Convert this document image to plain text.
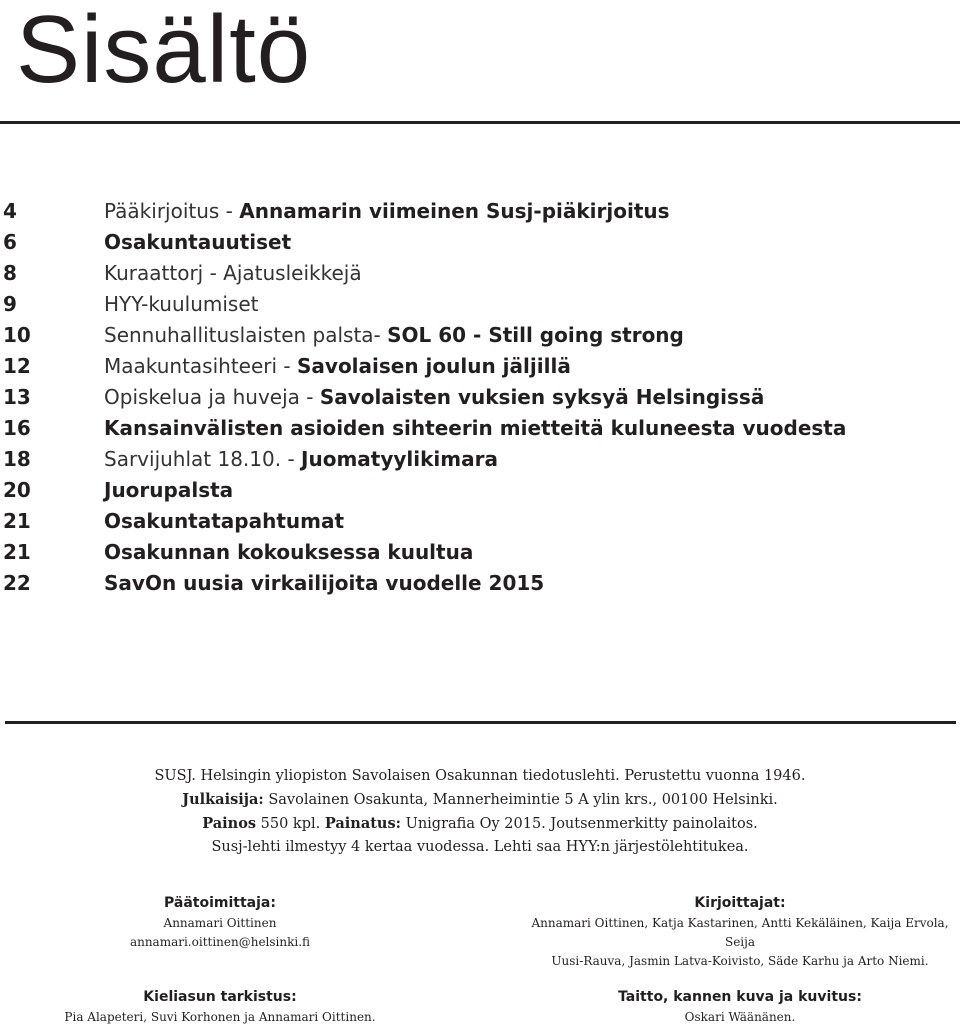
Sisältö
4	Pääkirjoitus - Annamarin viimeinen Susj-piäkirjoitus
6	Osakuntauutiset
8	Kuraattorj - Ajatusleikkejä
9	HYY-kuulumiset
10	Sennuhallituslaisten palsta- SOL 60 - Still going strong
12	Maakuntasihteeri - Savolaisen joulun jäljillä
13	Opiskelua ja huveja - Savolaisten vuksien syksyä Helsingissä
16	Kansainvälisten asioiden sihteerin mietteitä kuluneesta vuodesta
18	Sarvijuhlat 18.10. - Juomatyylikimara
20	Juorupalsta
21	Osakuntatapahtumat
21	Osakunnan kokouksessa kuultua
22	SavOn uusia virkailijoita vuodelle 2015
SUSJ. Helsingin yliopiston Savolaisen Osakunnan tiedotuslehti. Perustettu vuonna 1946.
Julkaisija: Savolainen Osakunta, Mannerheimintie 5 A ylin krs., 00100 Helsinki.
Painos 550 kpl. Painatus: Unigrafia Oy 2015. Joutsenmerkitty painolaitos.
Susj-lehti ilmestyy 4 kertaa vuodessa. Lehti saa HYY:n järjestölehtitukea.
Päätoimittaja:
Annamari Oittinen
annamari.oittinen@helsinki.fi
Kirjoittajat:
Annamari Oittinen, Katja Kastarinen, Antti Kekäläinen, Kaija Ervola, Seija
Uusi-Rauva, Jasmin Latva-Koivisto, Säde Karhu ja Arto Niemi.
Kieliasun tarkistus:
Pia Alapeteri, Suvi Korhonen ja Annamari Oittinen.
Taitto, kannen kuva ja kuvitus:
Oskari Wäänänen.
